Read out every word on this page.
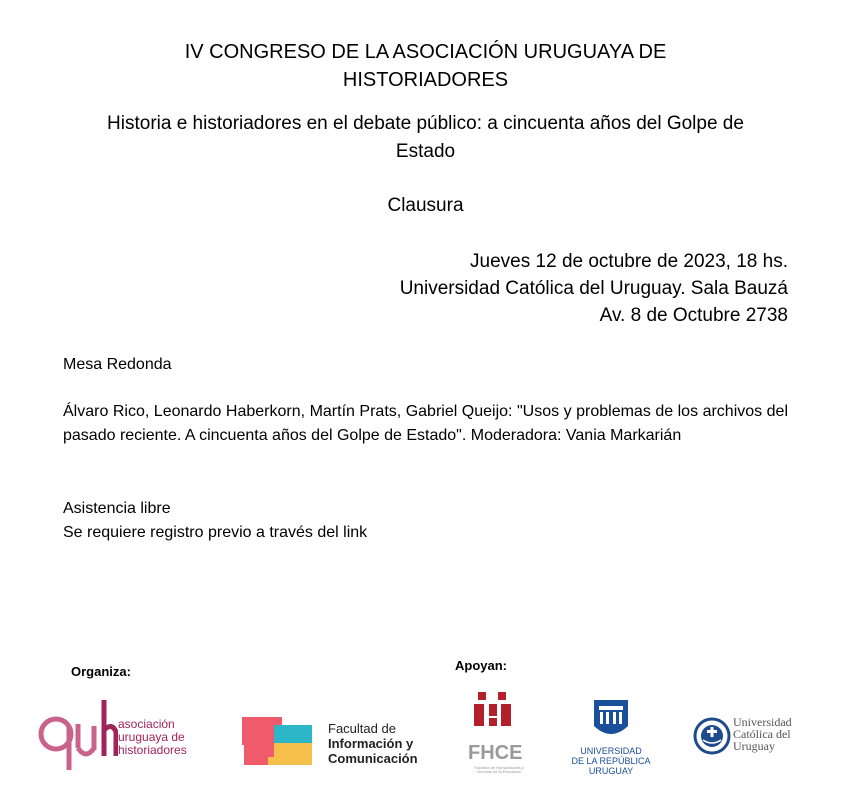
IV CONGRESO DE LA ASOCIACIÓN URUGUAYA DE HISTORIADORES
Historia e historiadores en el debate público: a cincuenta años del Golpe de Estado
Clausura
Jueves 12 de octubre de 2023, 18 hs.
Universidad Católica del Uruguay. Sala Bauzá
Av. 8 de Octubre 2738
Mesa Redonda
Álvaro Rico, Leonardo Haberkorn, Martín Prats, Gabriel Queijo: "Usos y problemas de los archivos del pasado reciente. A cincuenta años del Golpe de Estado". Moderadora: Vania Markarián
Asistencia libre
Se requiere registro previo a través del link
Organiza:	Apoyan:
asociación uruguaya de historiadores
Facultad de
Información y
Comunicación	FHCE
Facultad de Humanidades y Ciencias de la Educación
UNIVERSIDAD
DE LA REPÚBLICA
URUGUAY
Universidad
Católica del
Uruguay
